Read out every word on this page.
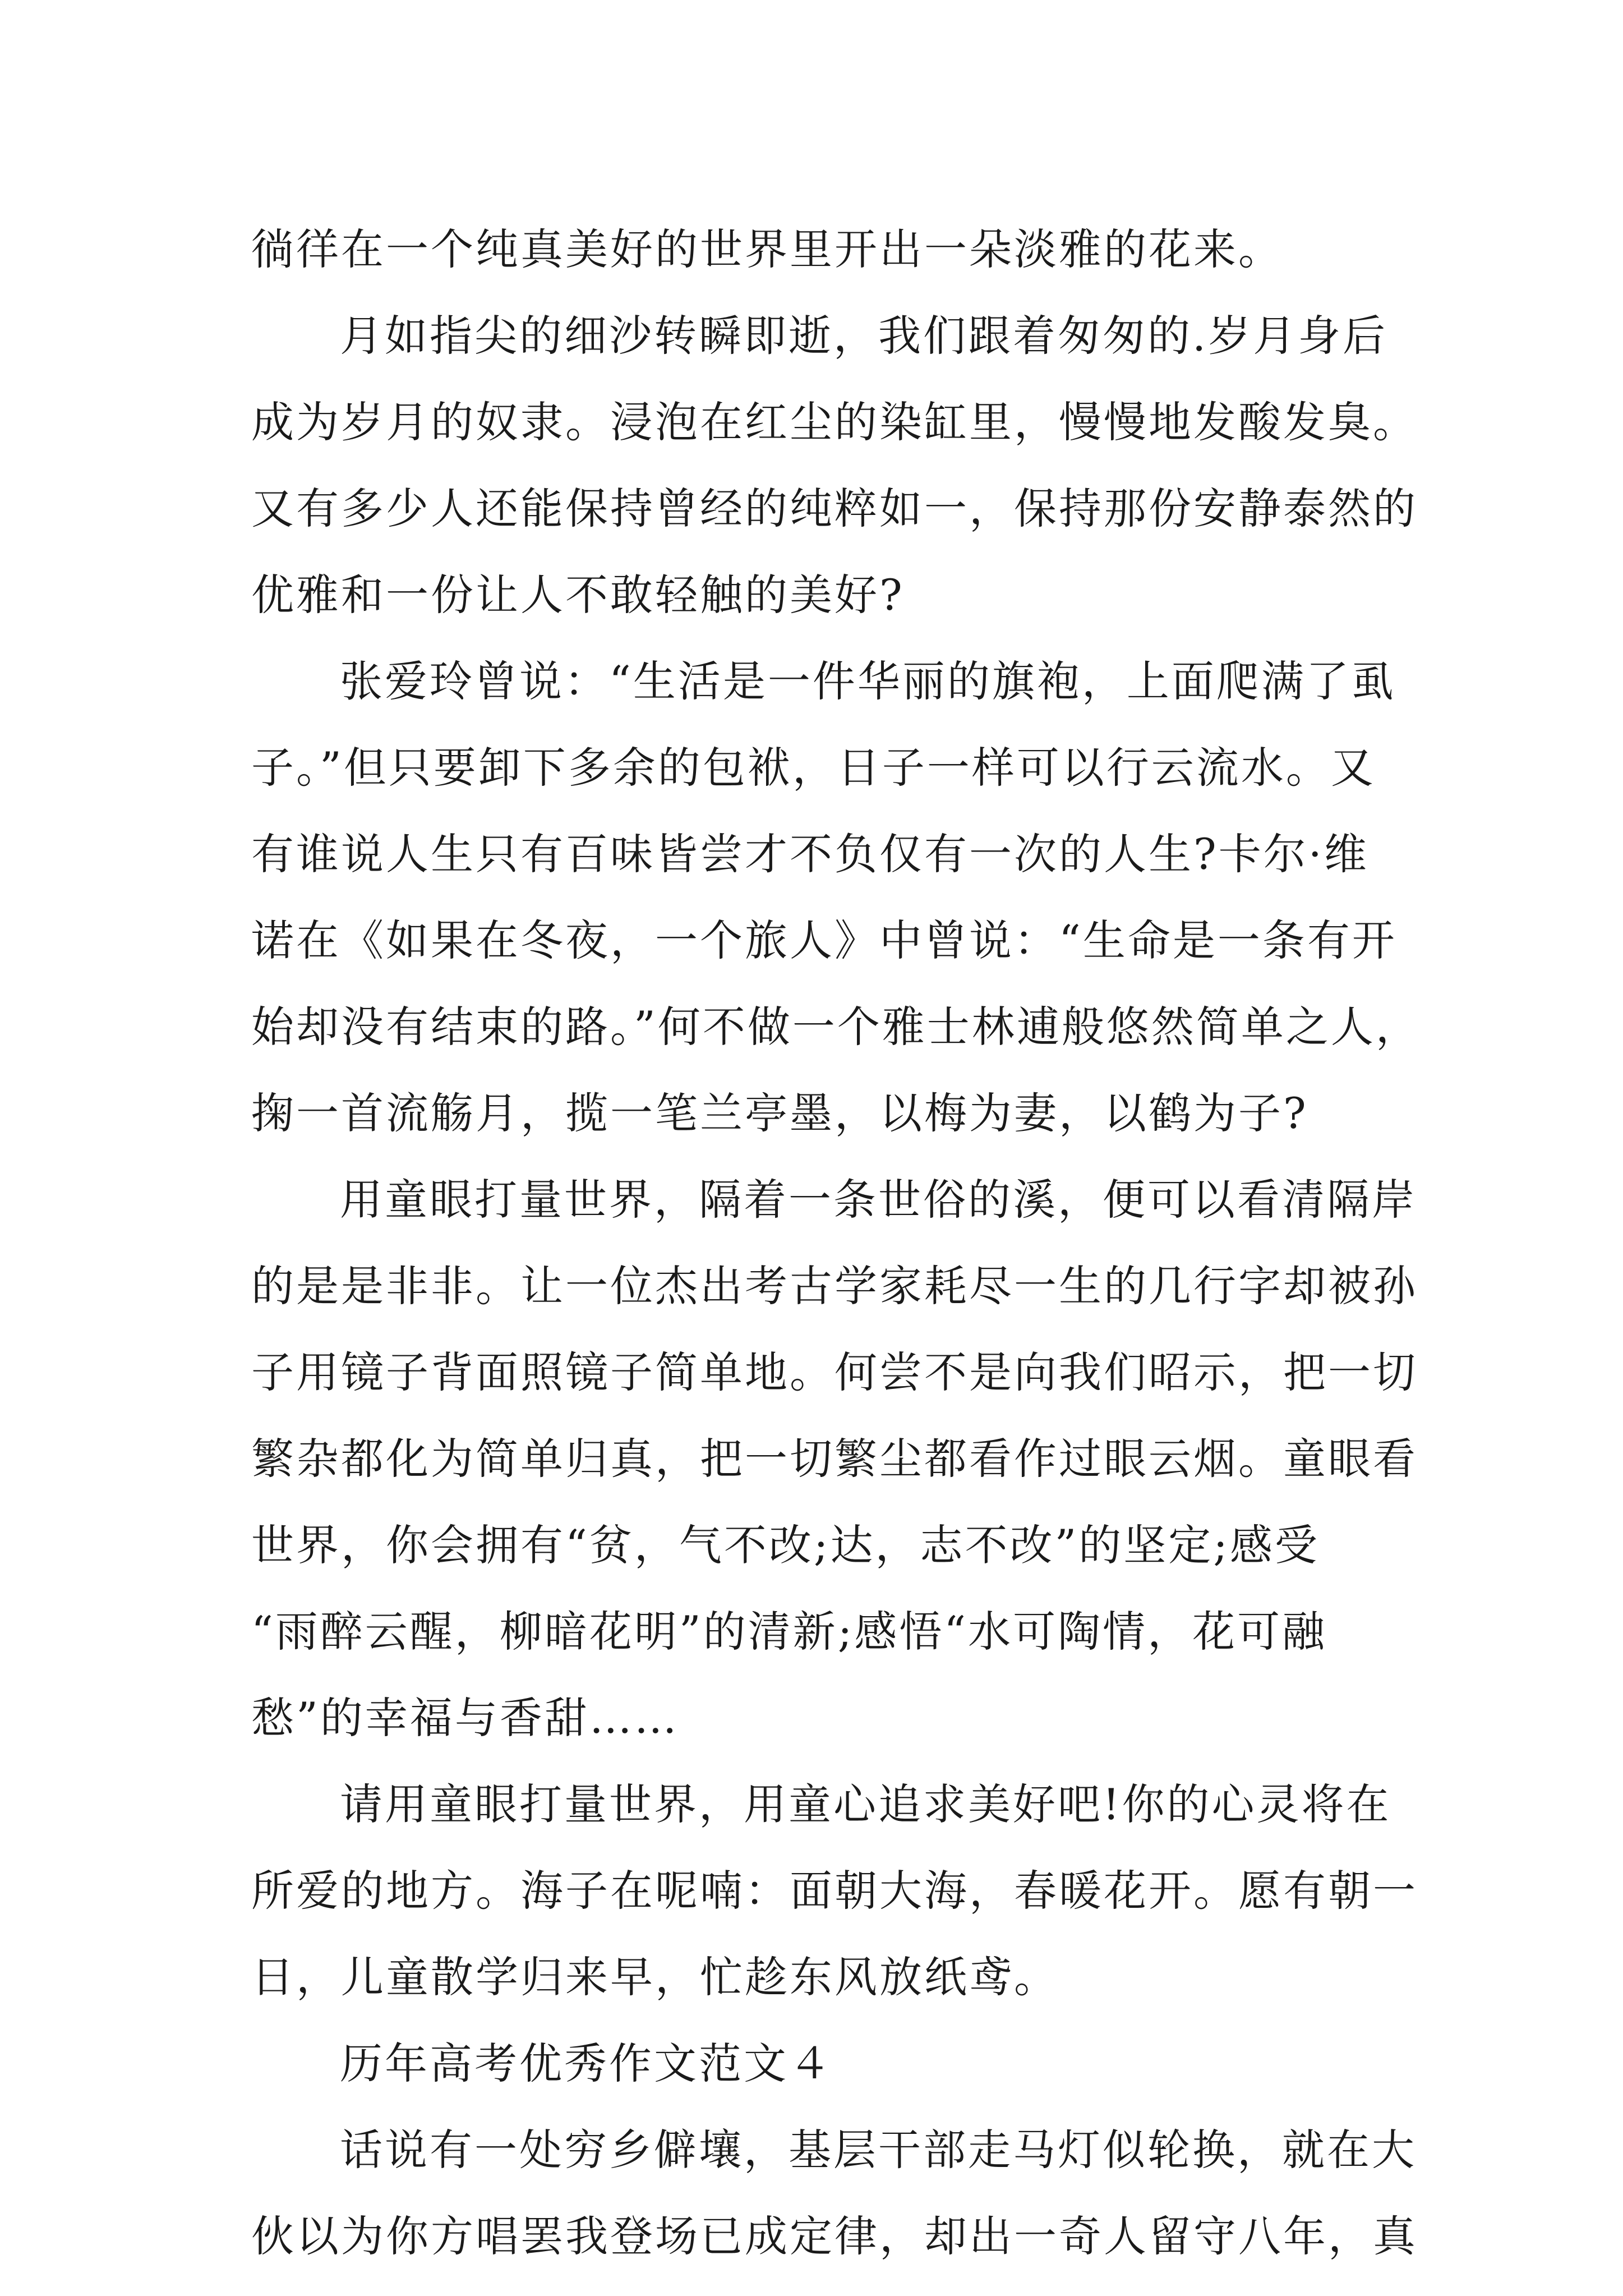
徜徉在一个纯真美好的世界里开出一朵淡雅的花来。
月如指尖的细沙转瞬即逝，我们跟着匆匆的.岁月身后
成为岁月的奴隶。浸泡在红尘的染缸里，慢慢地发酸发臭。
又有多少人还能保持曾经的纯粹如一，保持那份安静泰然的
优雅和一份让人不敢轻触的美好?
张爱玲曾说：“生活是一件华丽的旗袍，上面爬满了虱
子。”但只要卸下多余的包袱，日子一样可以行云流水。又
有谁说人生只有百味皆尝才不负仅有一次的人生?卡尔·维
诺在《如果在冬夜，一个旅人》中曾说：“生命是一条有开
始却没有结束的路。”何不做一个雅士林逋般悠然简单之人，
掬一首流觞月，揽一笔兰亭墨，以梅为妻，以鹤为子?
用童眼打量世界，隔着一条世俗的溪，便可以看清隔岸
的是是非非。让一位杰出考古学家耗尽一生的几行字却被孙
子用镜子背面照镜子简单地。何尝不是向我们昭示，把一切
繁杂都化为简单归真，把一切繁尘都看作过眼云烟。童眼看
世界，你会拥有“贫，气不改;达，志不改”的坚定;感受
“雨醉云醒，柳暗花明”的清新;感悟“水可陶情，花可融
愁”的幸福与香甜……
请用童眼打量世界，用童心追求美好吧!你的心灵将在
所爱的地方。海子在呢喃：面朝大海，春暖花开。愿有朝一
日，儿童散学归来早，忙趁东风放纸鸢。
历年高考优秀作文范文４
话说有一处穷乡僻壤，基层干部走马灯似轮换，就在大
伙以为你方唱罢我登场已成定律，却出一奇人留守八年，真
